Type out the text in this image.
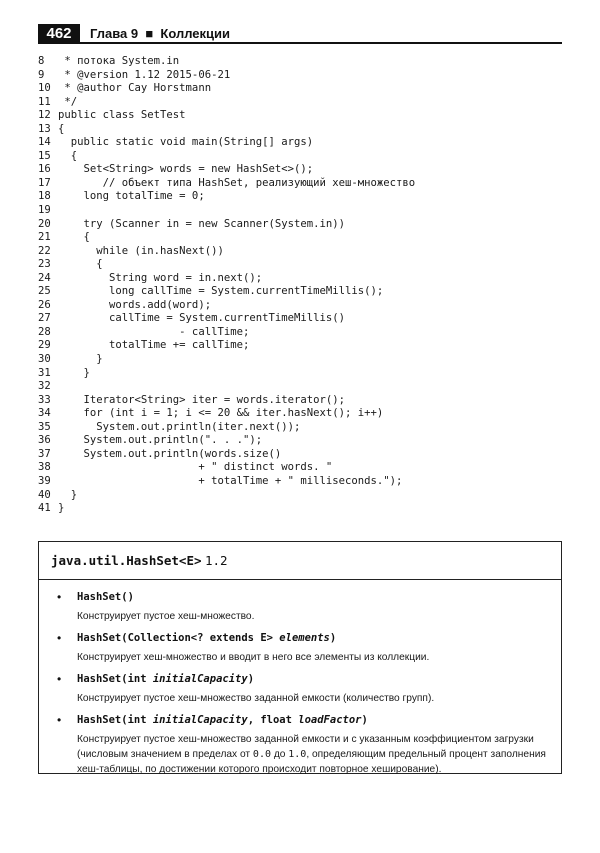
462	Глава 9  ■  Коллекции
8 * потока System.in
9 * @version 1.12 2015-06-21
10 * @author Cay Horstmann
11 */
12 public class SetTest
13 {
14  public static void main(String[] args)
15  {
16    Set<String> words = new HashSet<>();
17       // объект типа HashSet, реализующий хеш-множество
18    long totalTime = 0;
19
20    try (Scanner in = new Scanner(System.in))
21    {
22      while (in.hasNext())
23      {
24        String word = in.next();
25        long callTime = System.currentTimeMillis();
26        words.add(word);
27        callTime = System.currentTimeMillis()
28                   - callTime;
29        totalTime += callTime;
30      }
31    }
32
33    Iterator<String> iter = words.iterator();
34    for (int i = 1; i <= 20 && iter.hasNext(); i++)
35      System.out.println(iter.next());
36    System.out.println(". . .");
37    System.out.println(words.size()
38                      + " distinct words. "
39                      + totalTime + " milliseconds.");
40  }
41 }
java.util.HashSet<E> 1.2
• HashSet()
Конструирует пустое хеш-множество.
• HashSet(Collection<? extends E> elements)
Конструирует хеш-множество и вводит в него все элементы из коллекции.
• HashSet(int initialCapacity)
Конструирует пустое хеш-множество заданной емкости (количество групп).
• HashSet(int initialCapacity, float loadFactor)
Конструирует пустое хеш-множество заданной емкости и с указанным коэффициентом загрузки (числовым значением в пределах от 0.0 до 1.0, определяющим предельный процент заполнения хеш-таблицы, по достижении которого происходит повторное хеширование).
